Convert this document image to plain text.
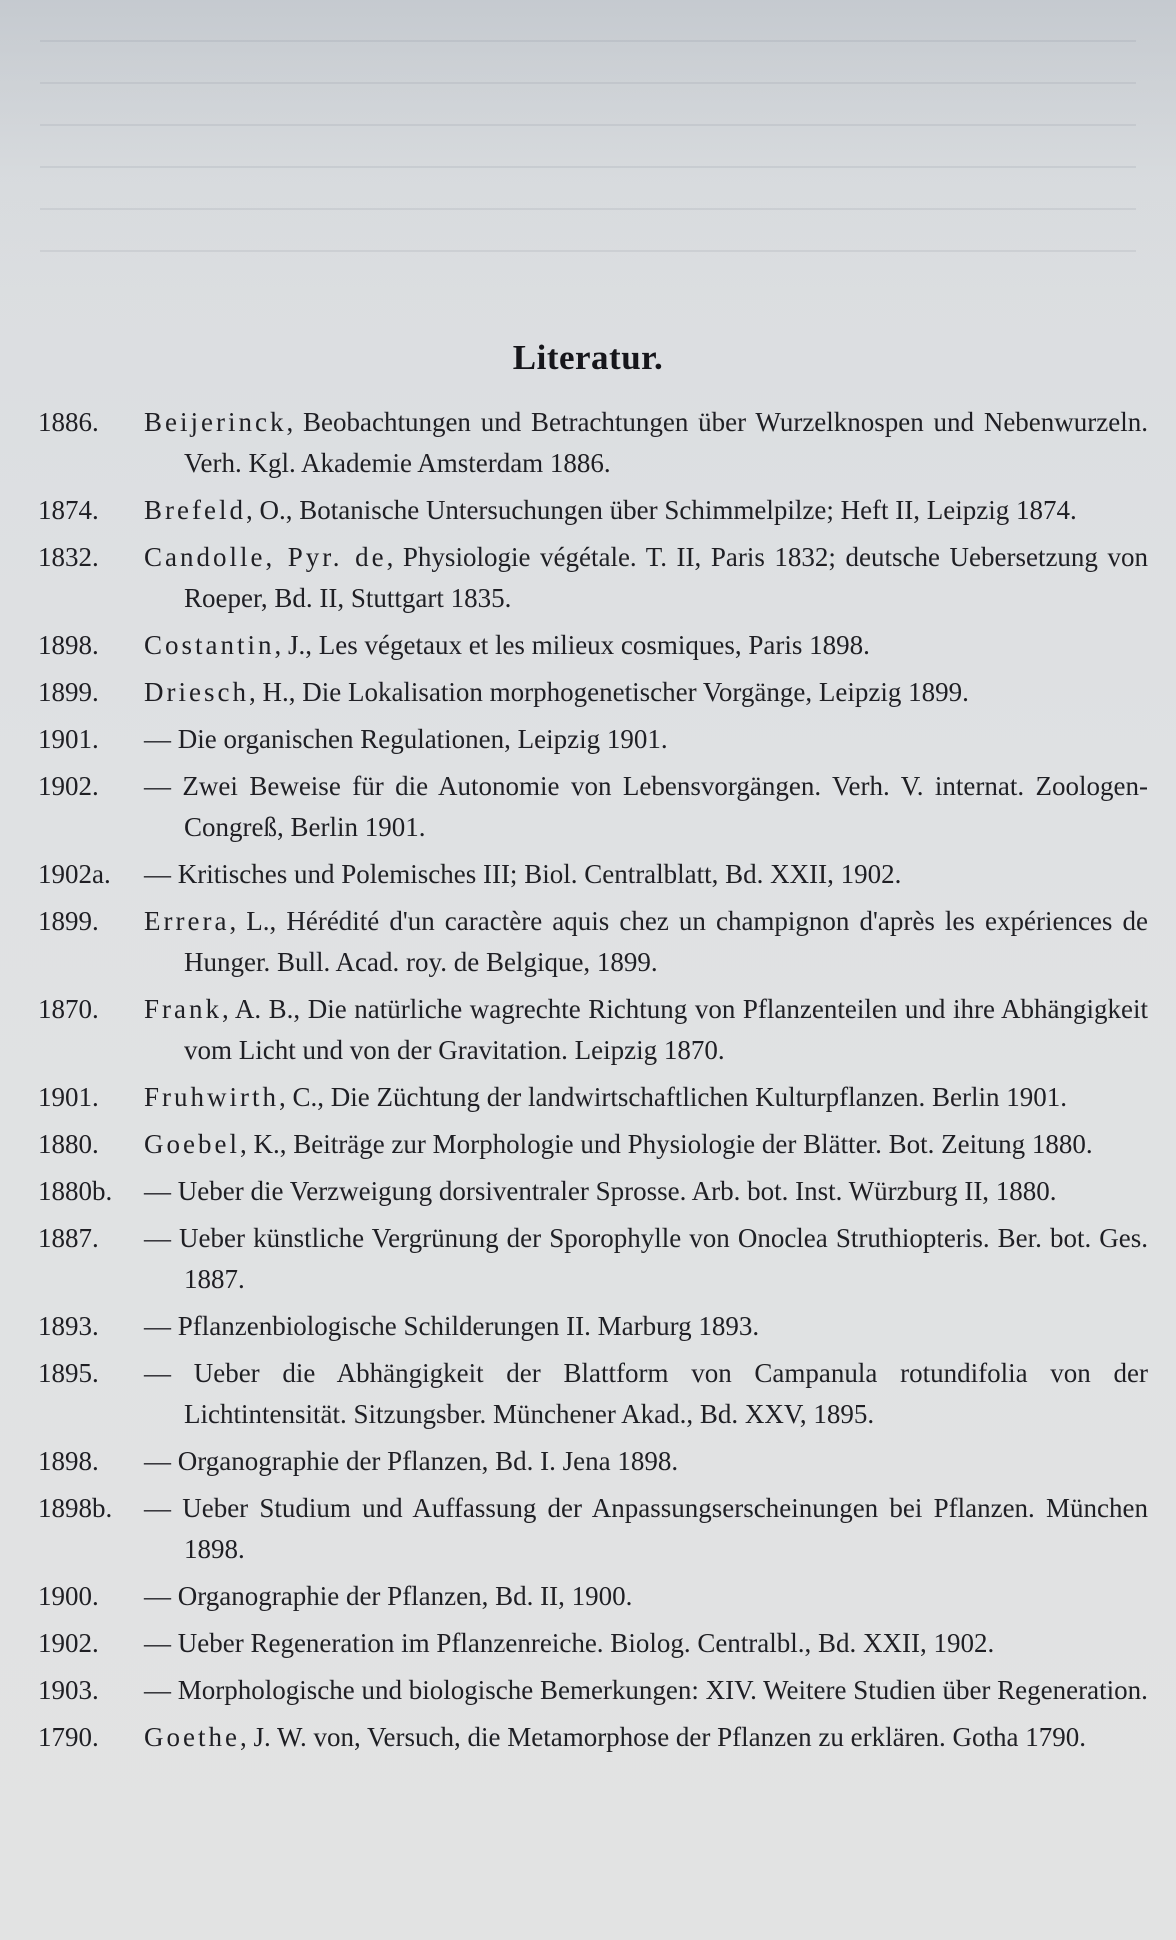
Literatur.
1886.	Beijerinck, Beobachtungen und Betrachtungen über Wurzelknospen und Nebenwurzeln. Verh. Kgl. Akademie Amsterdam 1886.
1874.	Brefeld, O., Botanische Untersuchungen über Schimmelpilze; Heft II, Leipzig 1874.
1832.	Candolle, Pyr. de, Physiologie végétale. T. II, Paris 1832; deutsche Uebersetzung von Roeper, Bd. II, Stuttgart 1835.
1898.	Costantin, J., Les végetaux et les milieux cosmiques, Paris 1898.
1899.	Driesch, H., Die Lokalisation morphogenetischer Vorgänge, Leipzig 1899.
1901.	— Die organischen Regulationen, Leipzig 1901.
1902.	— Zwei Beweise für die Autonomie von Lebensvorgängen. Verh. V. internat. Zoologen-Congreß, Berlin 1901.
1902a.	— Kritisches und Polemisches III; Biol. Centralblatt, Bd. XXII, 1902.
1899.	Errera, L., Hérédité d'un caractère aquis chez un champignon d'après les expériences de Hunger. Bull. Acad. roy. de Belgique, 1899.
1870.	Frank, A. B., Die natürliche wagrechte Richtung von Pflanzenteilen und ihre Abhängigkeit vom Licht und von der Gravitation. Leipzig 1870.
1901.	Fruhwirth, C., Die Züchtung der landwirtschaftlichen Kulturpflanzen. Berlin 1901.
1880.	Goebel, K., Beiträge zur Morphologie und Physiologie der Blätter. Bot. Zeitung 1880.
1880b.	— Ueber die Verzweigung dorsiventraler Sprosse. Arb. bot. Inst. Würzburg II, 1880.
1887.	— Ueber künstliche Vergrünung der Sporophylle von Onoclea Struthiopteris. Ber. bot. Ges. 1887.
1893.	— Pflanzenbiologische Schilderungen II. Marburg 1893.
1895.	— Ueber die Abhängigkeit der Blattform von Campanula rotundifolia von der Lichtintensität. Sitzungsber. Münchener Akad., Bd. XXV, 1895.
1898.	— Organographie der Pflanzen, Bd. I. Jena 1898.
1898b.	— Ueber Studium und Auffassung der Anpassungserscheinungen bei Pflanzen. München 1898.
1900.	— Organographie der Pflanzen, Bd. II, 1900.
1902.	— Ueber Regeneration im Pflanzenreiche. Biolog. Centralbl., Bd. XXII, 1902.
1903.	— Morphologische und biologische Bemerkungen: XIV. Weitere Studien über Regeneration.
1790.	Goethe, J. W. von, Versuch, die Metamorphose der Pflanzen zu erklären. Gotha 1790.
